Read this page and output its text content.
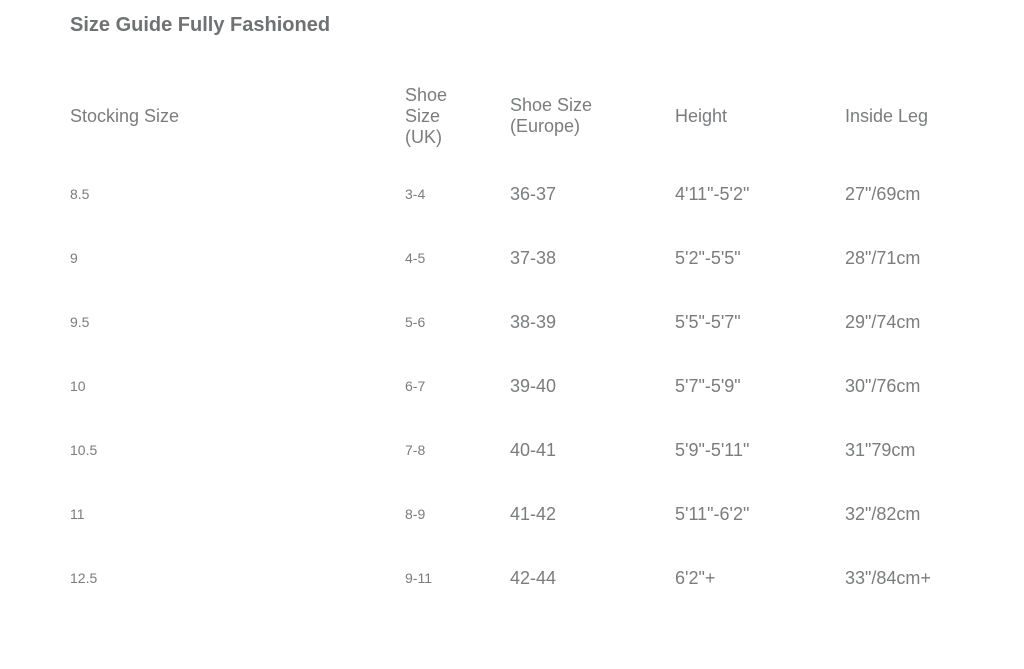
Size Guide Fully Fashioned
Stocking Size	Shoe Size (UK)	Shoe Size (Europe)	Height	Inside Leg
8.5	3-4	36-37	4'11"-5'2"	27"/69cm
9	4-5	37-38	5'2"-5'5"	28"/71cm
9.5	5-6	38-39	5'5"-5'7"	29"/74cm
10	6-7	39-40	5'7"-5'9"	30"/76cm
10.5	7-8	40-41	5'9"-5'11"	31"79cm
11	8-9	41-42	5'11"-6'2"	32"/82cm
12.5	9-11	42-44	6'2"+	33"/84cm+
